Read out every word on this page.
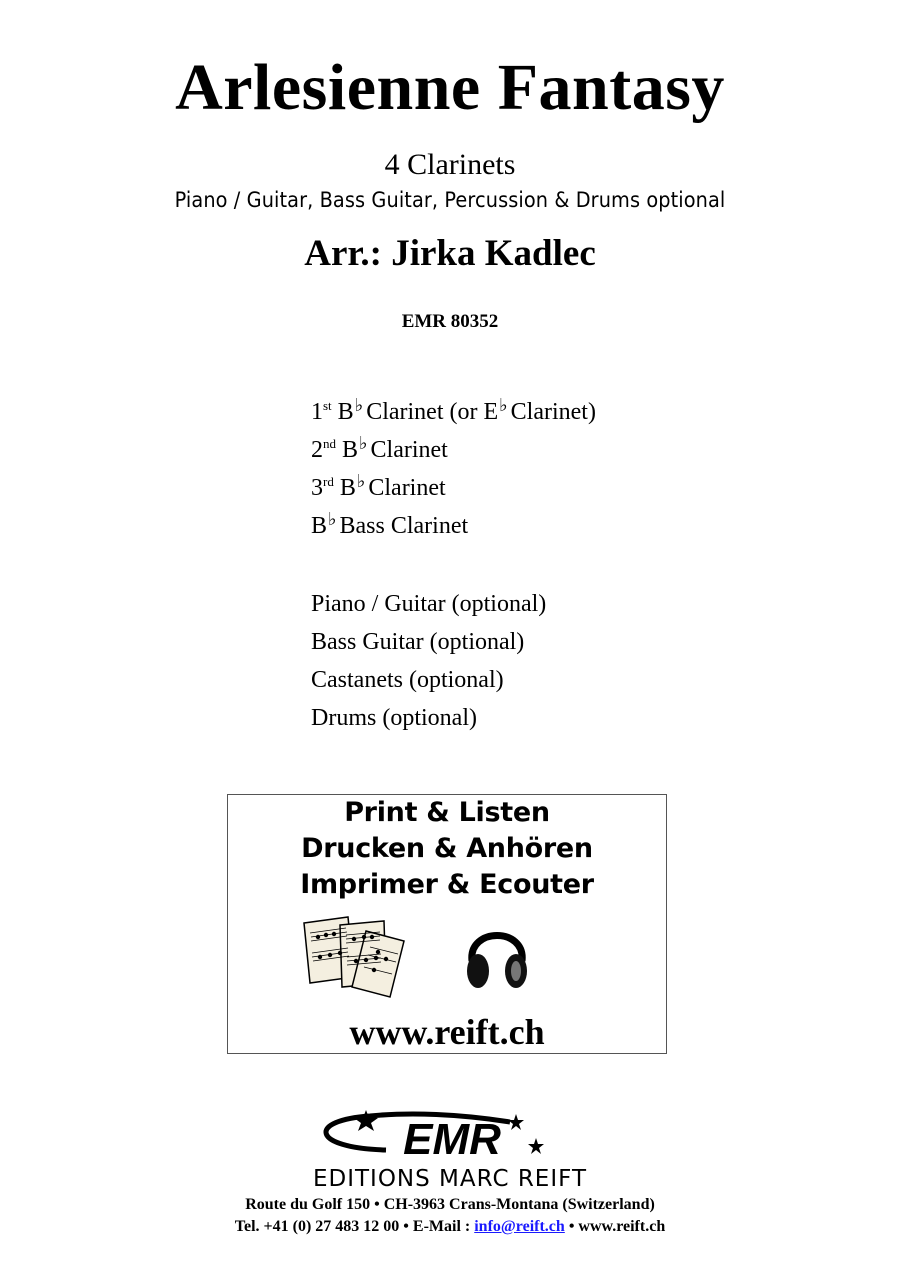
Arlesienne Fantasy
4 Clarinets
Piano / Guitar, Bass Guitar, Percussion & Drums optional
Arr.: Jirka Kadlec
EMR 80352
1st B♭ Clarinet (or E♭ Clarinet)
2nd B♭ Clarinet
3rd B♭ Clarinet
B♭ Bass Clarinet
Piano / Guitar (optional)
Bass Guitar (optional)
Castanets (optional)
Drums (optional)
Print & Listen
Drucken & Anhören
Imprimer & Ecouter
www.reift.ch
EMR
EDITIONS MARC REIFT
Route du Golf 150 • CH-3963 Crans-Montana (Switzerland)
Tel. +41 (0) 27 483 12 00 • E-Mail : info@reift.ch • www.reift.ch
